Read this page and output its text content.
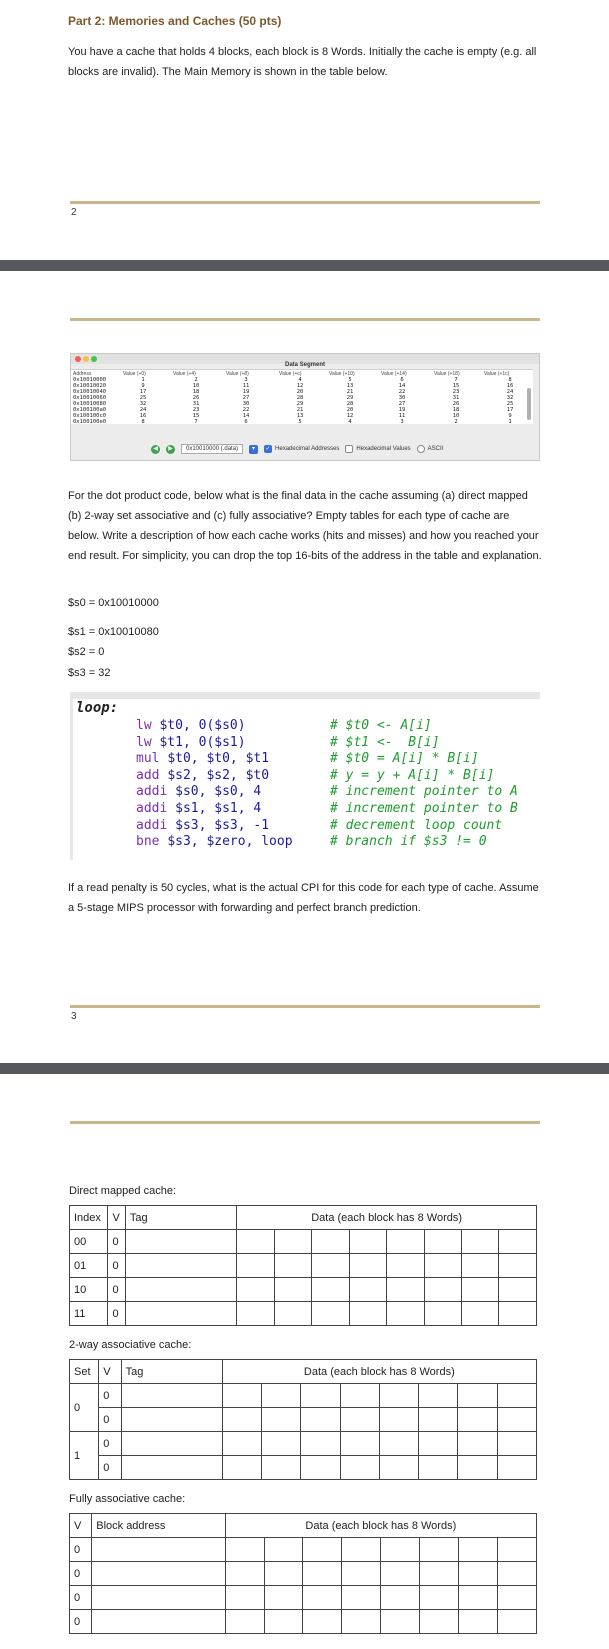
Part 2: Memories and Caches (50 pts)
You have a cache that holds 4 blocks, each block is 8 Words. Initially the cache is empty (e.g. all blocks are invalid). The Main Memory is shown in the table below.
2
Data Segment
Address	Value (+0)	Value (+4)	Value (+8)	Value (+c)	Value (+10)	Value (+14)	Value (+18)	Value (+1c)
0x10010000	1	2	3	4	5	6	7	8
0x10010020	9	10	11	12	13	14	15	16
0x10010040	17	18	19	20	21	22	23	24
0x10010060	25	26	27	28	29	30	31	32
0x10010080	32	31	30	29	28	27	26	25
0x100100a0	24	23	22	21	20	19	18	17
0x100100c0	16	15	14	13	12	11	10	9
0x100100e0	8	7	6	5	4	3	2	1
◀	▶	0x10010000 (.data)	▾	✓ Hexadecimal Addresses	Hexadecimal Values	ASCII
For the dot product code, below what is the final data in the cache assuming (a) direct mapped (b) 2-way set associative and (c) fully associative? Empty tables for each type of cache are below. Write a description of how each cache works (hits and misses) and how you reached your end result. For simplicity, you can drop the top 16-bits of the address in the table and explanation.
$s0 = 0x10010000
$s1 = 0x10010080
$s2 = 0
$s3 = 32
loop:
lw $t0, 0($s0)	# $t0 <- A[i]
lw $t1, 0($s1)	# $t1 <-  B[i]
mul $t0, $t0, $t1	# $t0 = A[i] * B[i]
add $s2, $s2, $t0	# y = y + A[i] * B[i]
addi $s0, $s0, 4	# increment pointer to A
addi $s1, $s1, 4	# increment pointer to B
addi $s3, $s3, -1	# decrement loop count
bne $s3, $zero, loop	# branch if $s3 != 0
If a read penalty is 50 cycles, what is the actual CPI for this code for each type of cache. Assume a 5-stage MIPS processor with forwarding and perfect branch prediction.
3
Direct mapped cache:
Index	V	Tag	Data (each block has 8 Words)							
00	0									
01	0									
10	0									
11	0									
2-way associative cache:
Set	V	Tag	Data (each block has 8 Words)							
0	0									
	0									
1	0									
	0									
Fully associative cache:
V	Block address	Data (each block has 8 Words)							
0									
0									
0									
0									
